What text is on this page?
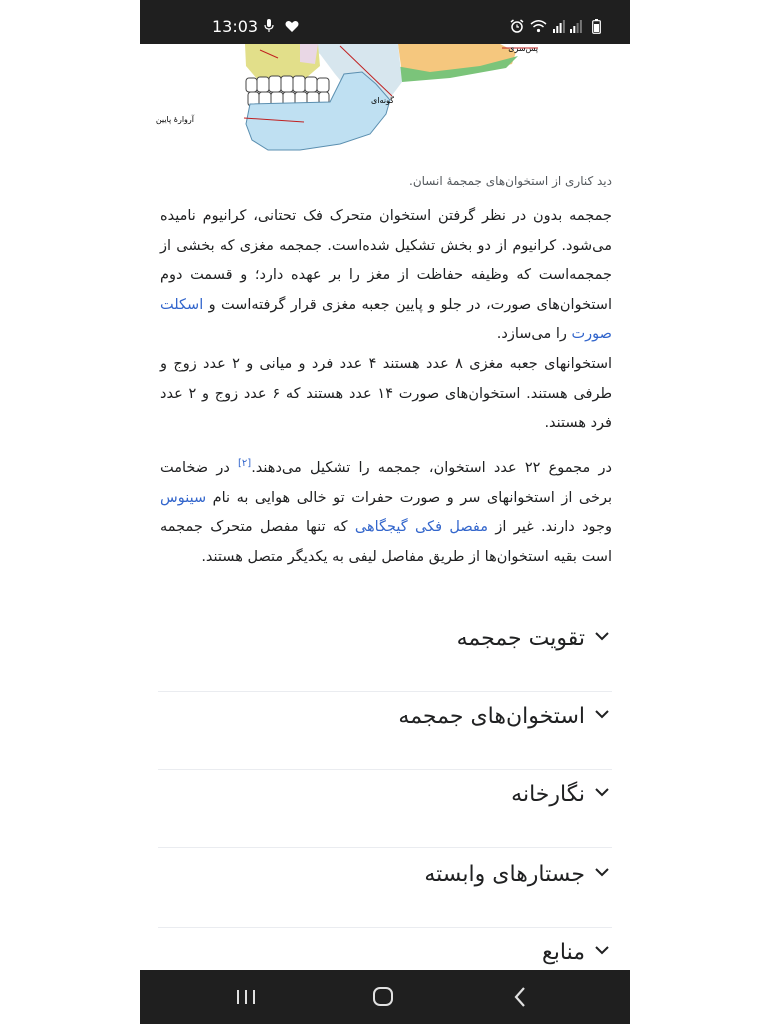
13:03
پس‌سری
گونه‌ای
آروارهٔ پایین
دید کناری از استخوان‌های جمجمهٔ انسان.

جمجمه بدون در نظر گرفتن استخوان متحرک فک تحتانی، کرانیوم نامیده می‌شود. کرانیوم از دو بخش تشکیل شده‌است. جمجمه مغزی که بخشی از جمجمه‌است که وظیفه حفاظت از مغز را بر عهده دارد؛ و قسمت دوم استخوان‌های صورت، در جلو و پایین جعبه مغزی قرار گرفته‌است و اسکلت صورت را می‌سازد.

استخوانهای جعبه مغزی ۸ عدد هستند ۴ عدد فرد و میانی و ۲ عدد زوج و طرفی هستند. استخوان‌های صورت ۱۴ عدد هستند که ۶ عدد زوج و ۲ عدد فرد هستند.

در مجموع ۲۲ عدد استخوان، جمجمه را تشکیل می‌دهند.[۲] در ضخامت برخی از استخوانهای سر و صورت حفرات تو خالی هوایی به نام سینوس وجود دارند. غیر از مفصل فکی گیجگاهی که تنها مفصل متحرک جمجمه است بقیه استخوان‌ها از طریق مفاصل لیفی به یکدیگر متصل هستند.

تقویت جمجمه
استخوان‌های جمجمه
نگارخانه
جستارهای وابسته
منابع
